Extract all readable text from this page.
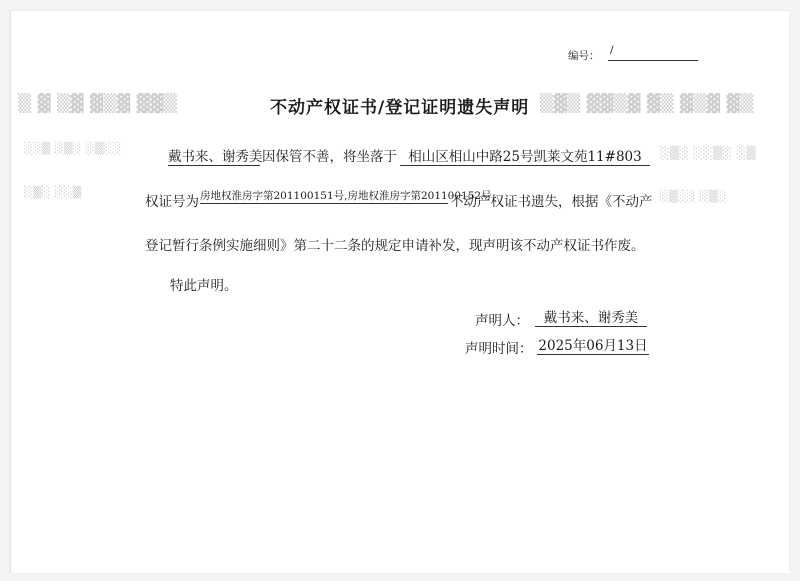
▒ ▓ ▒▓ ▓▒▓ ▓▓▒	▒▓▒ ▓▓▒▓ ▓▒ ▓▒▓ ▓▒
░░▒ ░▒░ ░▒░░	░▒░ ░░▒░ ░▒
░▒░ ░░▒	░▒░░ ░▒░
编号： /
不动产权证书/登记证明遗失声明
戴书来、谢秀美 因保管不善，将坐落于 相山区相山中路25号凯莱文苑11#803
权证号为 房地权淮房字第201100151号,房地权淮房字第201100152号
不动产权证书遗失，根据《不动产
登记暂行条例实施细则》第二十二条的规定申请补发，现声明该不动产权证书作废。
特此声明。
声明人：	戴书来、谢秀美
声明时间： 2025年06月13日
